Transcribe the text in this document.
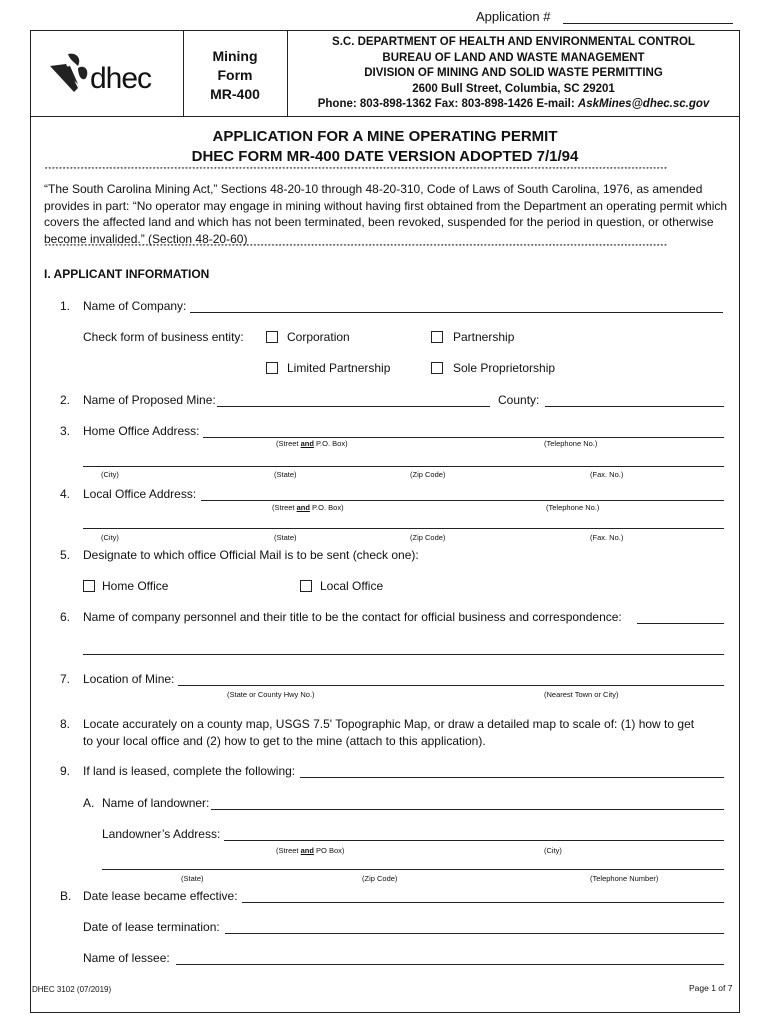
Application #
dhec
Mining
Form
MR-400
S.C. DEPARTMENT OF HEALTH AND ENVIRONMENTAL CONTROL
BUREAU OF LAND AND WASTE MANAGEMENT
DIVISION OF MINING AND SOLID WASTE PERMITTING
2600 Bull Street, Columbia, SC 29201
Phone: 803-898-1362 Fax: 803-898-1426 E-mail: AskMines@dhec.sc.gov
APPLICATION FOR A MINE OPERATING PERMIT
DHEC FORM MR-400 DATE VERSION ADOPTED 7/1/94
*****************************************************************************************************************************************************************************
“The South Carolina Mining Act,” Sections 48-20-10 through 48-20-310, Code of Laws of South Carolina, 1976, as amended provides in part: “No operator may engage in mining without having first obtained from the Department an operating permit which covers the affected land and which has not been terminated, been revoked, suspended for the period in question, or otherwise become invalided.” (Section 48-20-60)
*****************************************************************************************************************************************************************************
I. APPLICANT INFORMATION
1. Name of Company:
Check form of business entity:	Corporation	Partnership
Limited Partnership	Sole Proprietorship
2. Name of Proposed Mine:	County:
3. Home Office Address:
(Street and P.O. Box)	(Telephone No.)
(City)	(State)	(Zip Code)	(Fax. No.)
4. Local Office Address:
(Street and P.O. Box)	(Telephone No.)
(City)	(State)	(Zip Code)	(Fax. No.)
5. Designate to which office Official Mail is to be sent (check one):
Home Office	Local Office
6. Name of company personnel and their title to be the contact for official business and correspondence:
7. Location of Mine:
(State or County Hwy No.)	(Nearest Town or City)
8. Locate accurately on a county map, USGS 7.5' Topographic Map, or draw a detailed map to scale of: (1) how to get
to your local office and (2) how to get to the mine (attach to this application).
9. If land is leased, complete the following:
A. Name of landowner:
Landowner’s Address:
(Street and PO Box)	(City)
(State)	(Zip Code)	(Telephone Number)
B. Date lease became effective:
Date of lease termination:
Name of lessee:
DHEC 3102 (07/2019)	Page 1 of 7
